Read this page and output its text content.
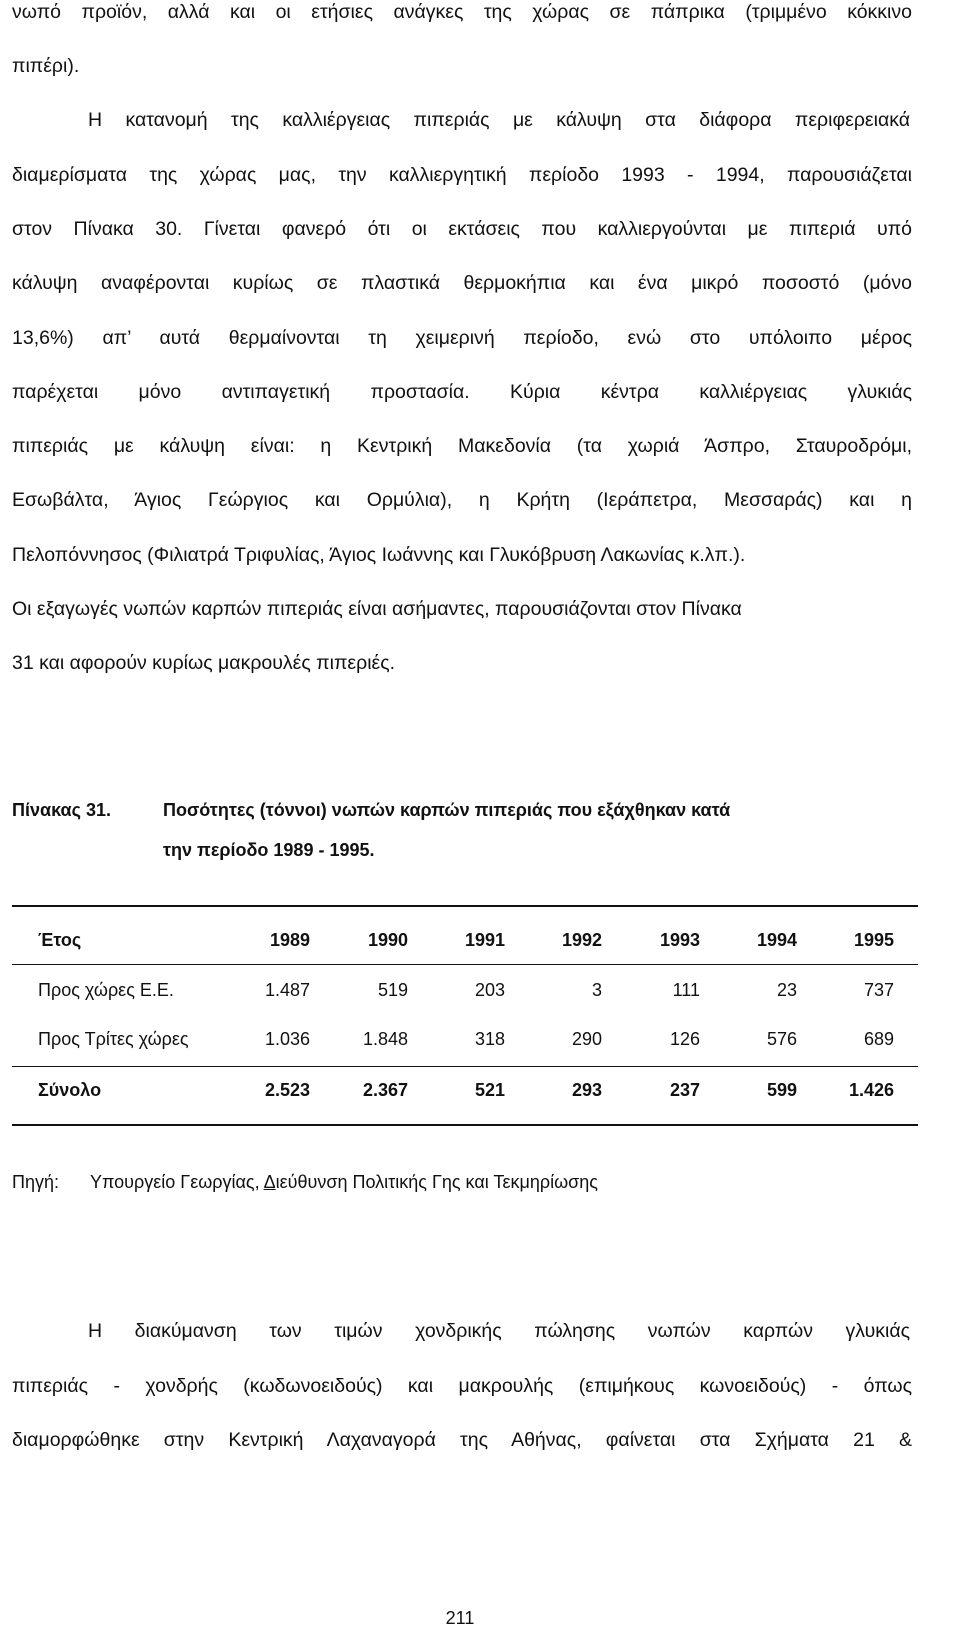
νωπό προϊόν, αλλά και οι ετήσιες ανάγκες της χώρας σε πάπρικα (τριμμένο κόκκινο
πιπέρι).
Η κατανομή της καλλιέργειας πιπεριάς με κάλυψη στα διάφορα περιφερειακά
διαμερίσματα της χώρας μας, την καλλιεργητική περίοδο 1993 - 1994, παρουσιάζεται
στον Πίνακα 30. Γίνεται φανερό ότι οι εκτάσεις που καλλιεργούνται με πιπεριά υπό
κάλυψη αναφέρονται κυρίως σε πλαστικά θερμοκήπια και ένα μικρό ποσοστό (μόνο
13,6%) απ’ αυτά θερμαίνονται τη χειμερινή περίοδο, ενώ στο υπόλοιπο μέρος
παρέχεται μόνο αντιπαγετική προστασία. Κύρια κέντρα καλλιέργειας γλυκιάς
πιπεριάς με κάλυψη είναι: η Κεντρική Μακεδονία (τα χωριά Άσπρο, Σταυροδρόμι,
Εσωβάλτα, Άγιος Γεώργιος και Ορμύλια), η Κρήτη (Ιεράπετρα, Μεσσαράς) και η
Πελοπόννησος (Φιλιατρά Τριφυλίας, Άγιος Ιωάννης και Γλυκόβρυση Λακωνίας κ.λπ.).
Οι εξαγωγές νωπών καρπών πιπεριάς είναι ασήμαντες, παρουσιάζονται στον Πίνακα
31 και αφορούν κυρίως μακρουλές πιπεριές.
Πίνακας 31.	Ποσότητες (τόννοι) νωπών καρπών πιπεριάς που εξάχθηκαν κατά
την περίοδο 1989 - 1995.
Έτος	1989	1990	1991	1992	1993	1994	1995
Προς χώρες Ε.Ε.	1.487	519	203	3	111	23	737
Προς Τρίτες χώρες	1.036	1.848	318	290	126	576	689
Σύνολο	2.523	2.367	521	293	237	599	1.426
Πηγή: Υπουργείο Γεωργίας, Διεύθυνση Πολιτικής Γης και Τεκμηρίωσης
Η διακύμανση των τιμών χονδρικής πώλησης νωπών καρπών γλυκιάς
πιπεριάς - χονδρής (κωδωνοειδούς) και μακρουλής (επιμήκους κωνοειδούς) - όπως
διαμορφώθηκε στην Κεντρική Λαχαναγορά της Αθήνας, φαίνεται στα Σχήματα 21 &
211
